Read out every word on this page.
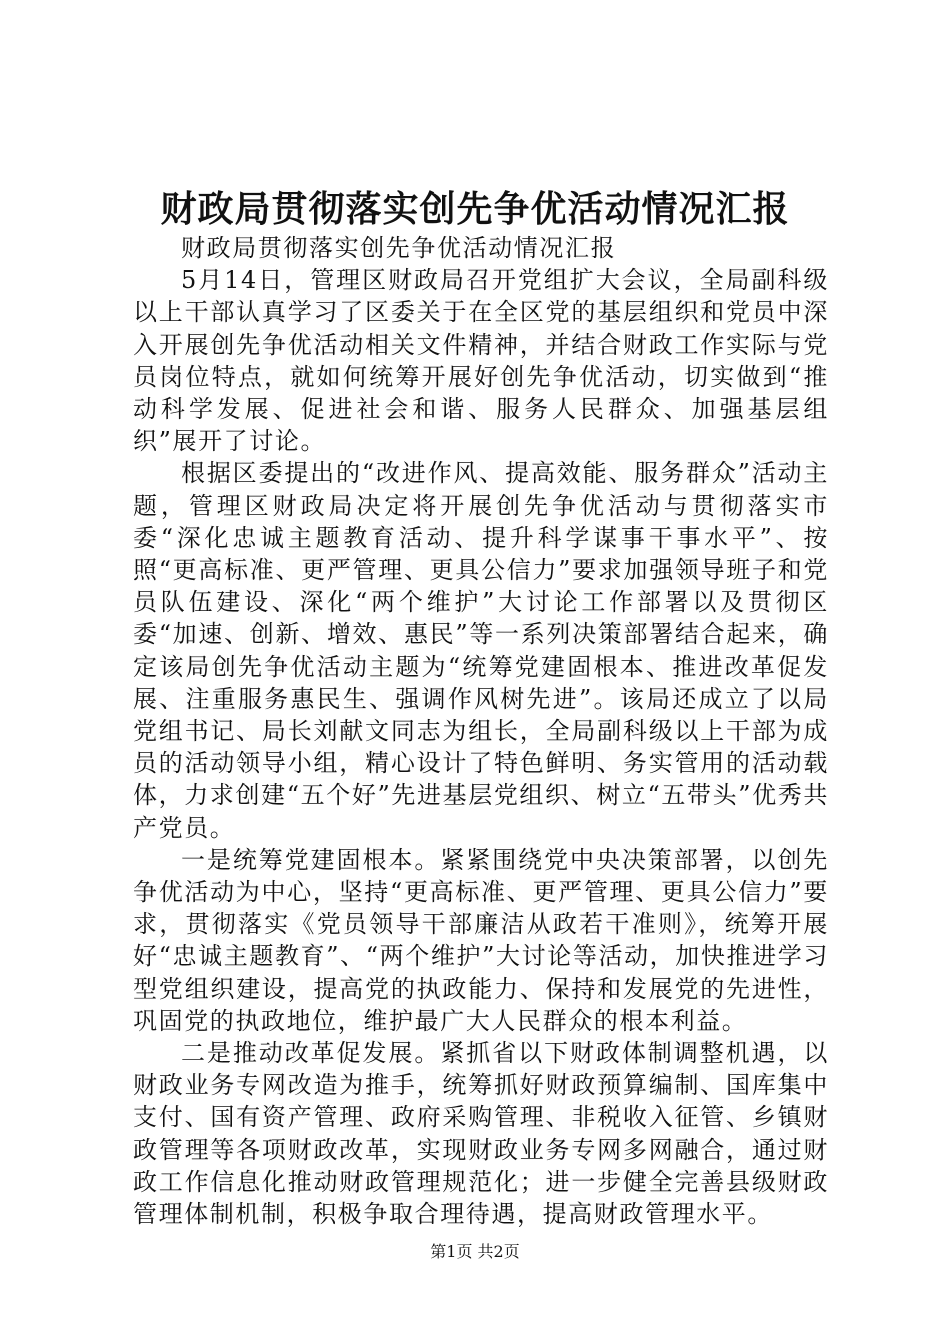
财政局贯彻落实创先争优活动情况汇报

财政局贯彻落实创先争优活动情况汇报

5月14日，管理区财政局召开党组扩大会议，全局副科级以上干部认真学习了区委关于在全区党的基层组织和党员中深入开展创先争优活动相关文件精神，并结合财政工作实际与党员岗位特点，就如何统筹开展好创先争优活动，切实做到“推动科学发展、促进社会和谐、服务人民群众、加强基层组织”展开了讨论。

根据区委提出的“改进作风、提高效能、服务群众”活动主题，管理区财政局决定将开展创先争优活动与贯彻落实市委“深化忠诚主题教育活动、提升科学谋事干事水平”、按照“更高标准、更严管理、更具公信力”要求加强领导班子和党员队伍建设、深化“两个维护”大讨论工作部署以及贯彻区委“加速、创新、增效、惠民”等一系列决策部署结合起来，确定该局创先争优活动主题为“统筹党建固根本、推进改革促发展、注重服务惠民生、强调作风树先进”。该局还成立了以局党组书记、局长刘献文同志为组长，全局副科级以上干部为成员的活动领导小组，精心设计了特色鲜明、务实管用的活动载体，力求创建“五个好”先进基层党组织、树立“五带头”优秀共产党员。

一是统筹党建固根本。紧紧围绕党中央决策部署，以创先争优活动为中心，坚持“更高标准、更严管理、更具公信力”要求，贯彻落实《党员领导干部廉洁从政若干准则》，统筹开展好“忠诚主题教育”、“两个维护”大讨论等活动，加快推进学习型党组织建设，提高党的执政能力、保持和发展党的先进性，巩固党的执政地位，维护最广大人民群众的根本利益。

二是推动改革促发展。紧抓省以下财政体制调整机遇，以财政业务专网改造为推手，统筹抓好财政预算编制、国库集中支付、国有资产管理、政府采购管理、非税收入征管、乡镇财政管理等各项财政改革，实现财政业务专网多网融合，通过财政工作信息化推动财政管理规范化；进一步健全完善县级财政管理体制机制，积极争取合理待遇，提高财政管理水平。

第1页 共2页
